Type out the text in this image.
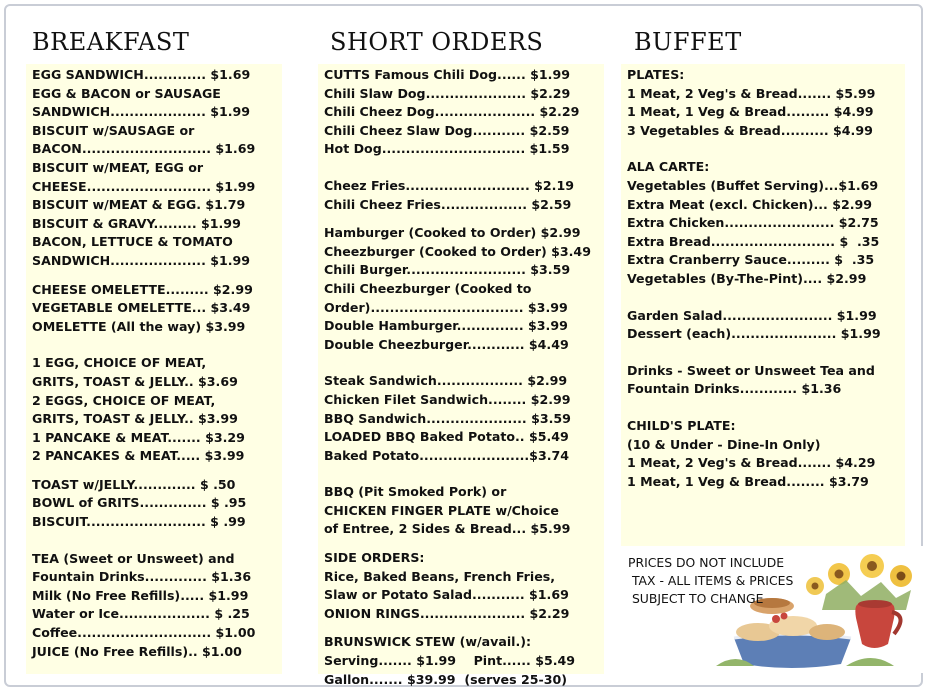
BREAKFAST	SHORT ORDERS	BUFFET
EGG SANDWICH............. $1.69
EGG & BACON or SAUSAGE
SANDWICH.................... $1.99
BISCUIT w/SAUSAGE or
BACON........................... $1.69
BISCUIT w/MEAT, EGG or
CHEESE.......................... $1.99
BISCUIT w/MEAT & EGG. $1.79
BISCUIT & GRAVY......... $1.99
BACON, LETTUCE & TOMATO
SANDWICH.................... $1.99
CHEESE OMELETTE......... $2.99
VEGETABLE OMELETTE... $3.49
OMELETTE (All the way) $3.99
1 EGG, CHOICE OF MEAT,
GRITS, TOAST & JELLY.. $3.69
2 EGGS, CHOICE OF MEAT,
GRITS, TOAST & JELLY.. $3.99
1 PANCAKE & MEAT....... $3.29
2 PANCAKES & MEAT..... $3.99
TOAST w/JELLY............. $ .50
BOWL of GRITS.............. $ .95
BISCUIT......................... $ .99
TEA (Sweet or Unsweet) and
Fountain Drinks............. $1.36
Milk (No Free Refills)..... $1.99
Water or Ice................... $ .25
Coffee............................ $1.00
JUICE (No Free Refills).. $1.00
CUTTS Famous Chili Dog...... $1.99
Chili Slaw Dog..................... $2.29
Chili Cheez Dog..................... $2.29
Chili Cheez Slaw Dog........... $2.59
Hot Dog.............................. $1.59
Cheez Fries.......................... $2.19
Chili Cheez Fries.................. $2.59
Hamburger (Cooked to Order) $2.99
Cheezburger (Cooked to Order) $3.49
Chili Burger......................... $3.59
Chili Cheezburger (Cooked to
Order)................................ $3.99
Double Hamburger.............. $3.99
Double Cheezburger............ $4.49
Steak Sandwich.................. $2.99
Chicken Filet Sandwich........ $2.99
BBQ Sandwich..................... $3.59
LOADED BBQ Baked Potato.. $5.49
Baked Potato.......................$3.74
BBQ (Pit Smoked Pork) or
CHICKEN FINGER PLATE w/Choice
of Entree, 2 Sides & Bread... $5.99
SIDE ORDERS:
Rice, Baked Beans, French Fries,
Slaw or Potato Salad........... $1.69
ONION RINGS...................... $2.29
BRUNSWICK STEW (w/avail.):
Serving....... $1.99    Pint...... $5.49
Gallon....... $39.99  (serves 25-30)
PLATES:
1 Meat, 2 Veg's & Bread....... $5.99
1 Meat, 1 Veg & Bread......... $4.99
3 Vegetables & Bread.......... $4.99
ALA CARTE:
Vegetables (Buffet Serving)...$1.69
Extra Meat (excl. Chicken)... $2.99
Extra Chicken....................... $2.75
Extra Bread.......................... $  .35
Extra Cranberry Sauce......... $  .35
Vegetables (By-The-Pint).... $2.99
Garden Salad....................... $1.99
Dessert (each)...................... $1.99
Drinks - Sweet or Unsweet Tea and
Fountain Drinks............ $1.36
CHILD'S PLATE:
(10 & Under - Dine-In Only)
1 Meat, 2 Veg's & Bread....... $4.29
1 Meat, 1 Veg & Bread........ $3.79
PRICES DO NOT INCLUDE
TAX - ALL ITEMS & PRICES
SUBJECT TO CHANGE
